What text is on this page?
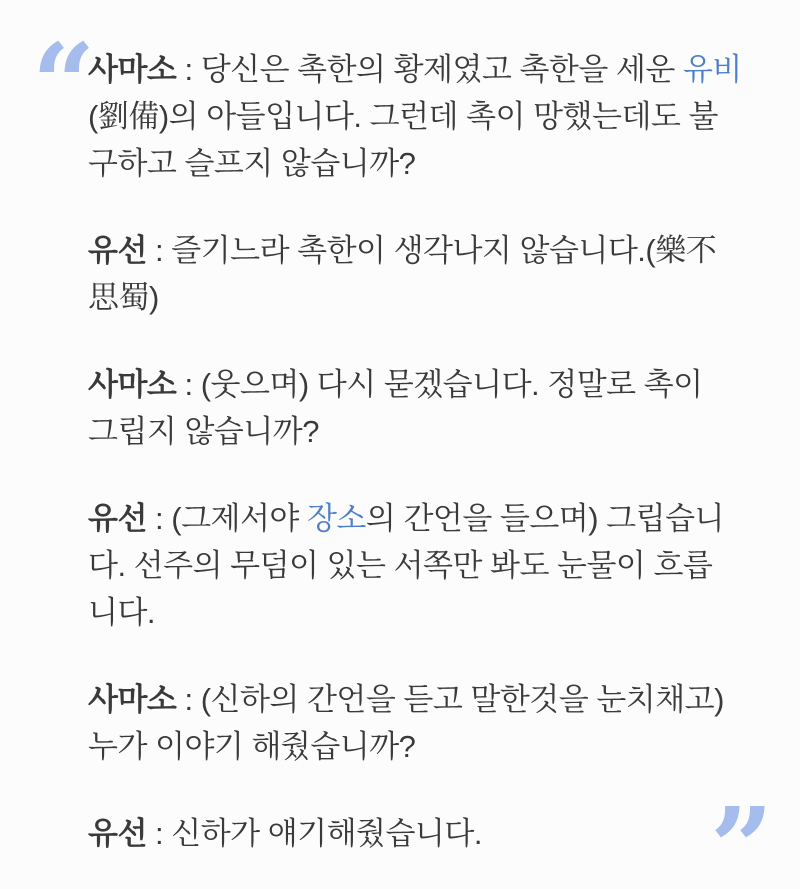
“

사마소 : 당신은 촉한의 황제였고 촉한을 세운 유비
(劉備)의 아들입니다. 그런데 촉이 망했는데도 불
구하고 슬프지 않습니까?

유선 : 즐기느라 촉한이 생각나지 않습니다.(樂不
思蜀)

사마소 : (웃으며) 다시 묻겠습니다. 정말로 촉이
그립지 않습니까?

유선 : (그제서야 장소의 간언을 들으며) 그립습니
다. 선주의 무덤이 있는 서쪽만 봐도 눈물이 흐릅
니다.

사마소 : (신하의 간언을 듣고 말한것을 눈치채고)
누가 이야기 해줬습니까?

유선 : 신하가 얘기해줬습니다.	”
